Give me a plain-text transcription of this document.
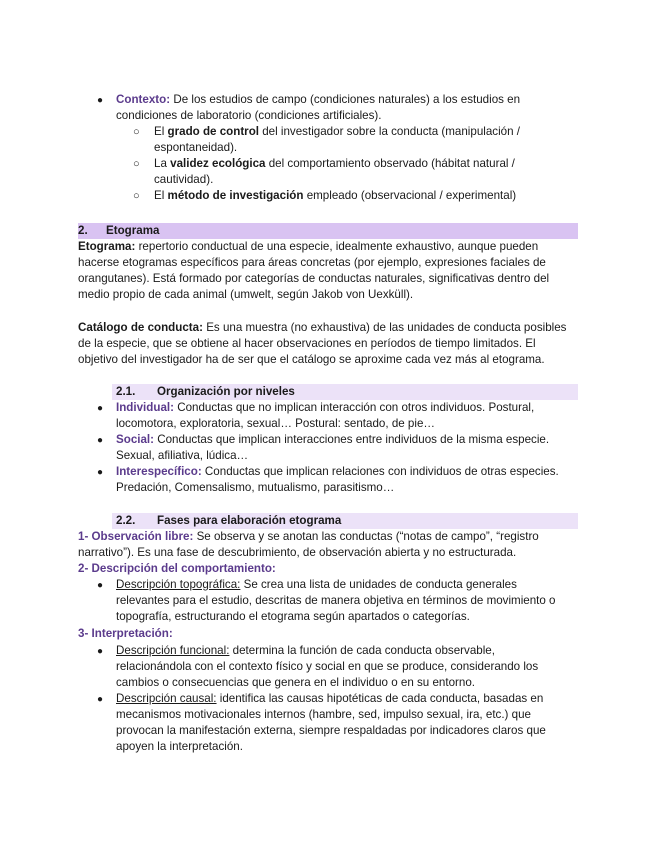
● Contexto: De los estudios de campo (condiciones naturales) a los estudios en
condiciones de laboratorio (condiciones artificiales).
○ El grado de control del investigador sobre la conducta (manipulación /
espontaneidad).
○ La validez ecológica del comportamiento observado (hábitat natural /
cautividad).
○ El método de investigación empleado (observacional / experimental)
2. Etograma
Etograma: repertorio conductual de una especie, idealmente exhaustivo, aunque pueden
hacerse etogramas específicos para áreas concretas (por ejemplo, expresiones faciales de
orangutanes). Está formado por categorías de conductas naturales, significativas dentro del
medio propio de cada animal (umwelt, según Jakob von Uexküll).
Catálogo de conducta: Es una muestra (no exhaustiva) de las unidades de conducta posibles
de la especie, que se obtiene al hacer observaciones en períodos de tiempo limitados. El
objetivo del investigador ha de ser que el catálogo se aproxime cada vez más al etograma.
2.1. Organización por niveles
● Individual: Conductas que no implican interacción con otros individuos. Postural,
locomotora, exploratoria, sexual… Postural: sentado, de pie…
● Social: Conductas que implican interacciones entre individuos de la misma especie.
Sexual, afiliativa, lúdica…
● Interespecífico: Conductas que implican relaciones con individuos de otras especies.
Predación, Comensalismo, mutualismo, parasitismo…
2.2. Fases para elaboración etograma
1- Observación libre: Se observa y se anotan las conductas (“notas de campo”, “registro
narrativo”). Es una fase de descubrimiento, de observación abierta y no estructurada.
2- Descripción del comportamiento:
● Descripción topográfica: Se crea una lista de unidades de conducta generales
relevantes para el estudio, descritas de manera objetiva en términos de movimiento o
topografía, estructurando el etograma según apartados o categorías.
3- Interpretación:
● Descripción funcional: determina la función de cada conducta observable,
relacionándola con el contexto físico y social en que se produce, considerando los
cambios o consecuencias que genera en el individuo o en su entorno.
● Descripción causal: identifica las causas hipotéticas de cada conducta, basadas en
mecanismos motivacionales internos (hambre, sed, impulso sexual, ira, etc.) que
provocan la manifestación externa, siempre respaldadas por indicadores claros que
apoyen la interpretación.
